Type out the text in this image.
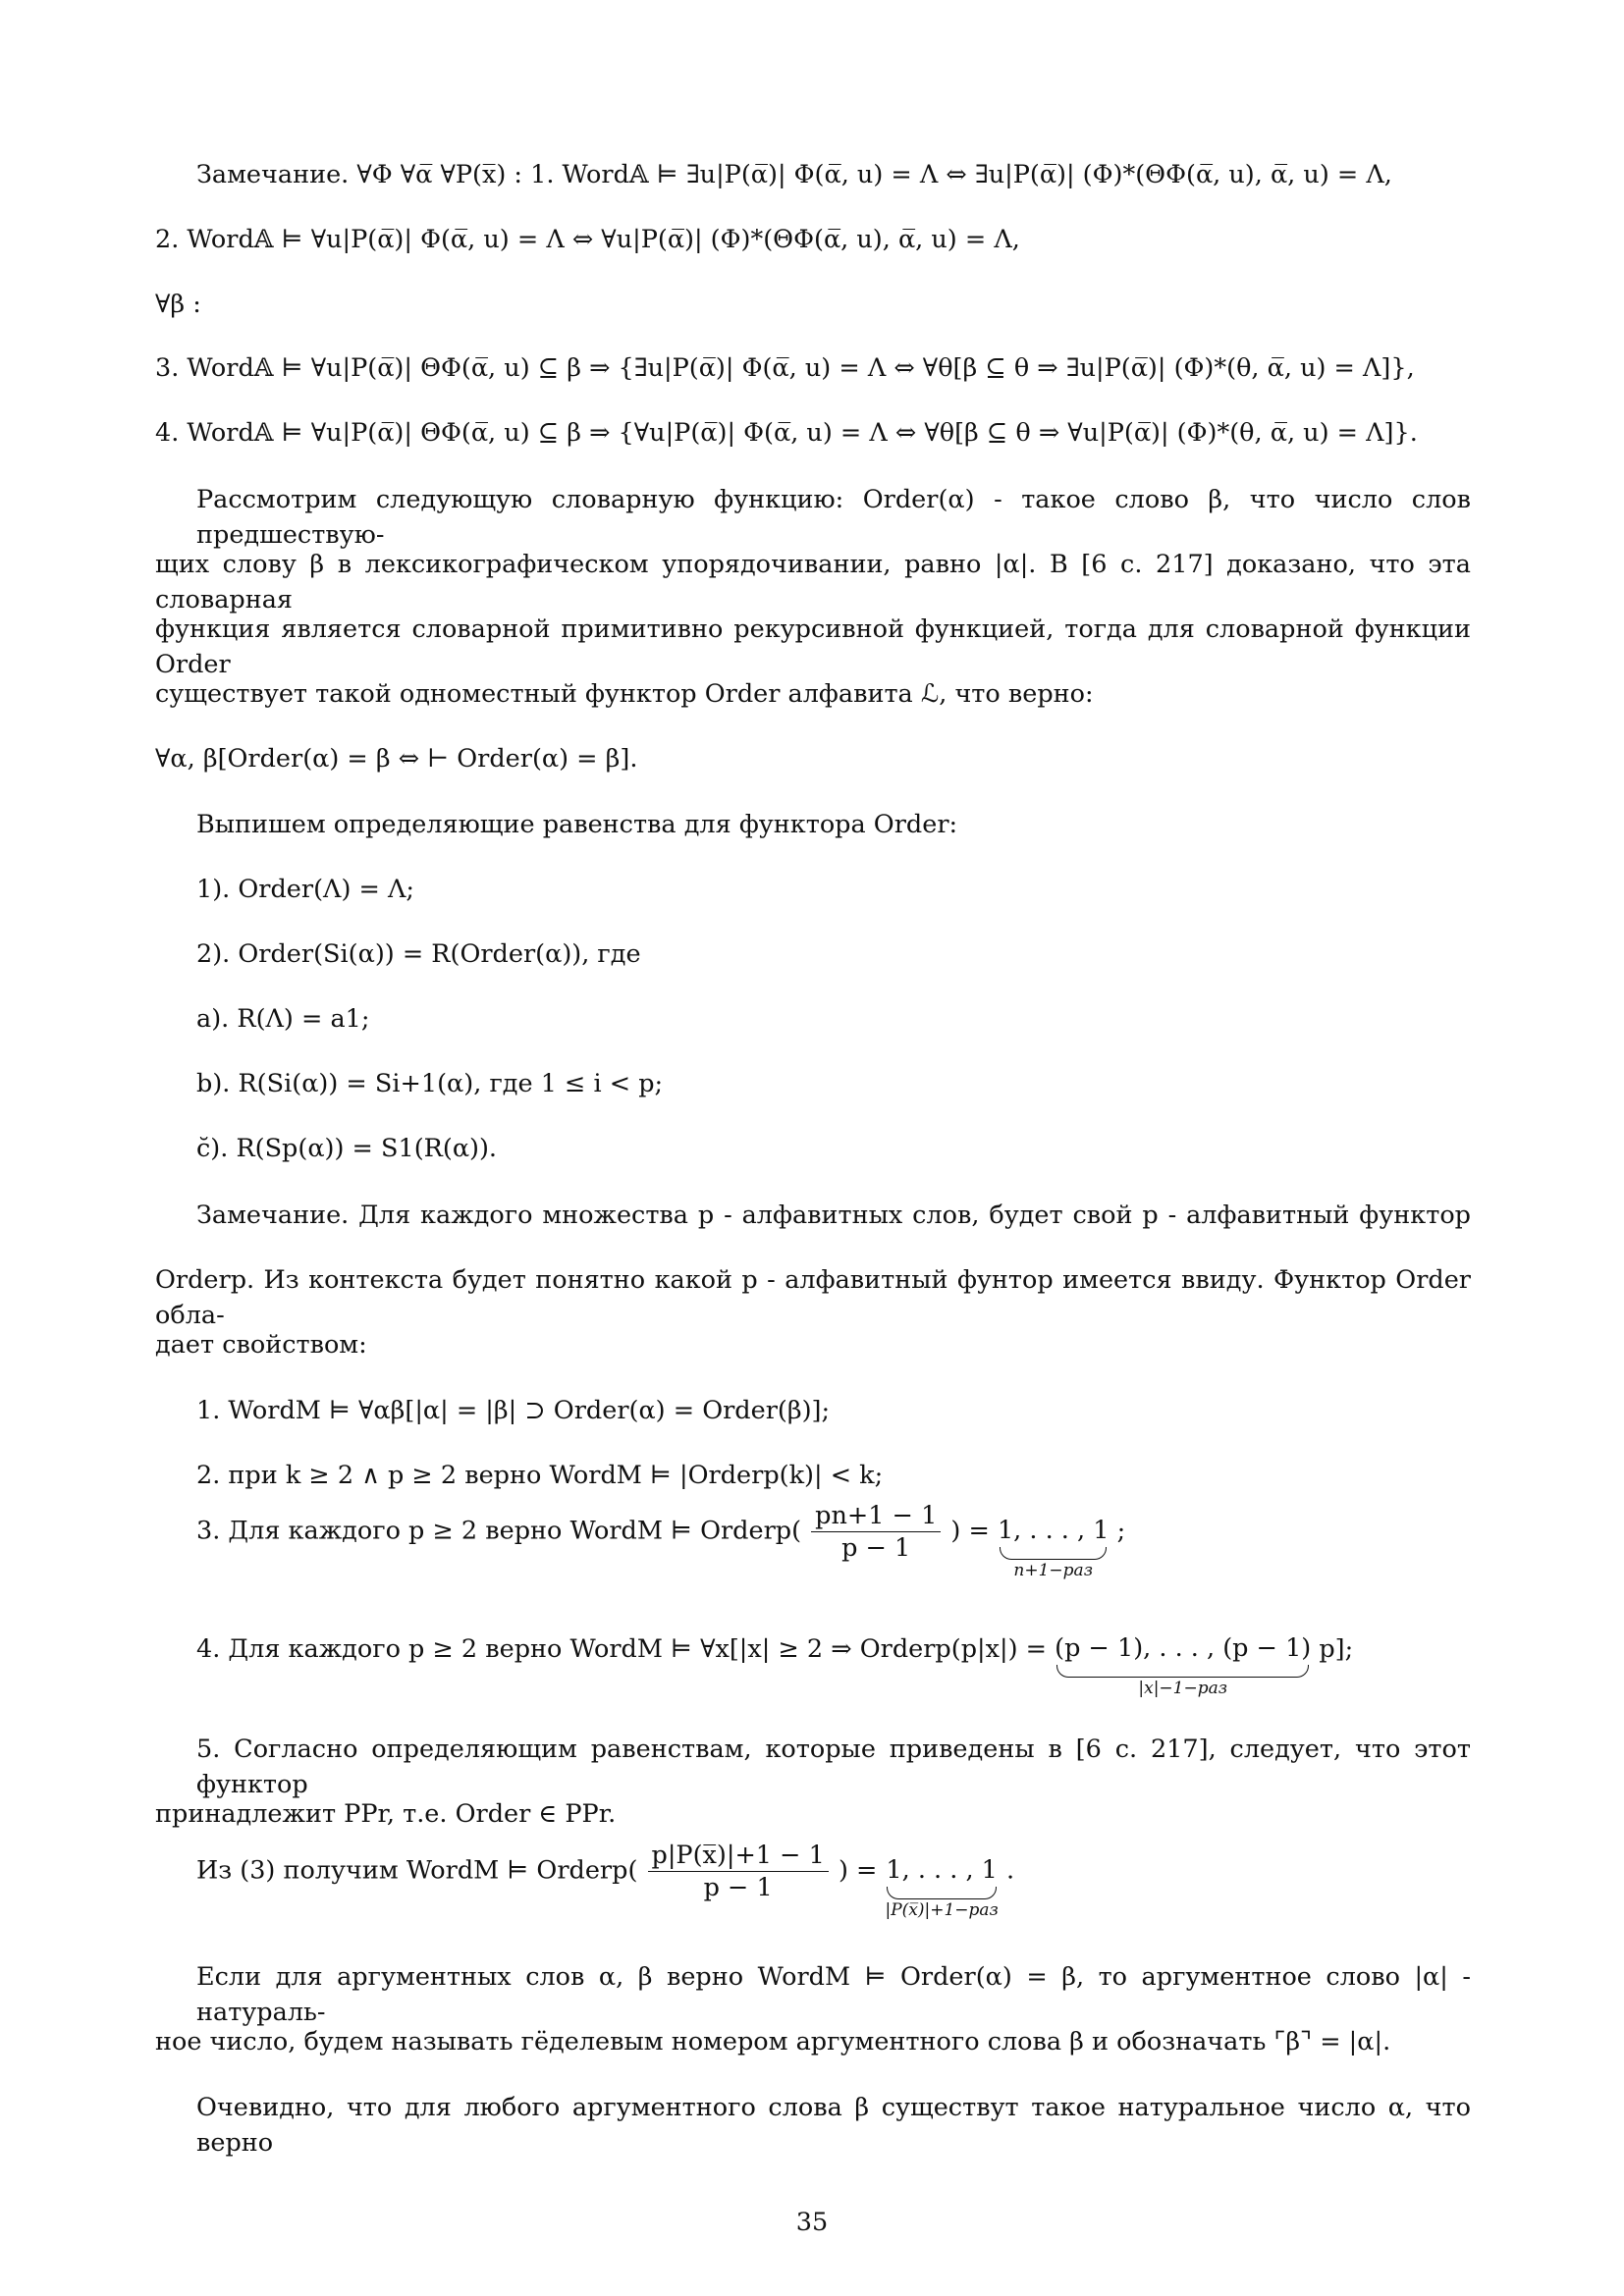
Замечание. ∀Φ ∀α̅ ∀P(x̅) : 1. Word𝔸 ⊨ ∃u|P(α̅)| Φ(α̅, u) = Λ ⇔ ∃u|P(α̅)| (Φ)*(ΘΦ(α̅, u), α̅, u) = Λ,
2. Word𝔸 ⊨ ∀u|P(α̅)| Φ(α̅, u) = Λ ⇔ ∀u|P(α̅)| (Φ)*(ΘΦ(α̅, u), α̅, u) = Λ,
∀β :
3. Word𝔸 ⊨ ∀u|P(α̅)| ΘΦ(α̅, u) ⊆ β ⇒ {∃u|P(α̅)| Φ(α̅, u) = Λ ⇔ ∀θ[β ⊆ θ ⇒ ∃u|P(α̅)| (Φ)*(θ, α̅, u) = Λ]},
4. Word𝔸 ⊨ ∀u|P(α̅)| ΘΦ(α̅, u) ⊆ β ⇒ {∀u|P(α̅)| Φ(α̅, u) = Λ ⇔ ∀θ[β ⊆ θ ⇒ ∀u|P(α̅)| (Φ)*(θ, α̅, u) = Λ]}.
Рассмотрим следующую словарную функцию: Order(α) - такое слово β, что число слов предшествую-
щих слову β в лексикографическом упорядочивании, равно |α|. В [6 с. 217] доказано, что эта словарная
функция является словарной примитивно рекурсивной функцией, тогда для словарной функции Order
существует такой одноместный функтор Order алфавита ℒ, что верно:
∀α, β[Order(α) = β ⇔ ⊢ Order(α) = β].
Выпишем определяющие равенства для функтора Order:
1). Order(Λ) = Λ;
2). Order(Si(α)) = R(Order(α)), где
a). R(Λ) = a1;
b). R(Si(α)) = Si+1(α), где 1 ≤ i < p;
c̆). R(Sp(α)) = S1(R(α)).
Замечание. Для каждого множества p - алфавитных слов, будет свой p - алфавитный функтор
Orderp. Из контекста будет понятно какой p - алфавитный фунтор имеется ввиду. Функтор Order обла-
дает свойством:
1. WordM ⊨ ∀αβ[|α| = |β| ⊃ Order(α) = Order(β)];
2. при k ≥ 2 ∧ p ≥ 2 верно WordM ⊨ |Orderp(k)| < k;
3. Для каждого p ≥ 2 верно WordM ⊨ Orderp( $\frac{pn+1 - 1}{p - 1}$ ) = 1, . . . , 1
n+1−раз
;
4. Для каждого p ≥ 2 верно WordM ⊨ ∀x[|x| ≥ 2 ⇒ Orderp(p|x|) = (p − 1), . . . , (p − 1)
|x|−1−раз
p];
5. Согласно определяющим равенствам, которые приведены в [6 с. 217], следует, что этот функтор
принадлежит PPr, т.е. Order ∈ PPr.
Из (3) получим WordM ⊨ Orderp( $\frac{p|P(x̅)|+1 - 1}{p - 1}$ ) = 1, . . . , 1
|P(x̅)|+1−раз
.
Если для аргументных слов α, β верно WordM ⊨ Order(α) = β, то аргументное слово |α| - натураль-
ное число, будем называть гёделевым номером аргументного слова β и обозначать ⌜β⌝ = |α|.
Очевидно, что для любого аргументного слова β существут такое натуральное число α, что верно
35
